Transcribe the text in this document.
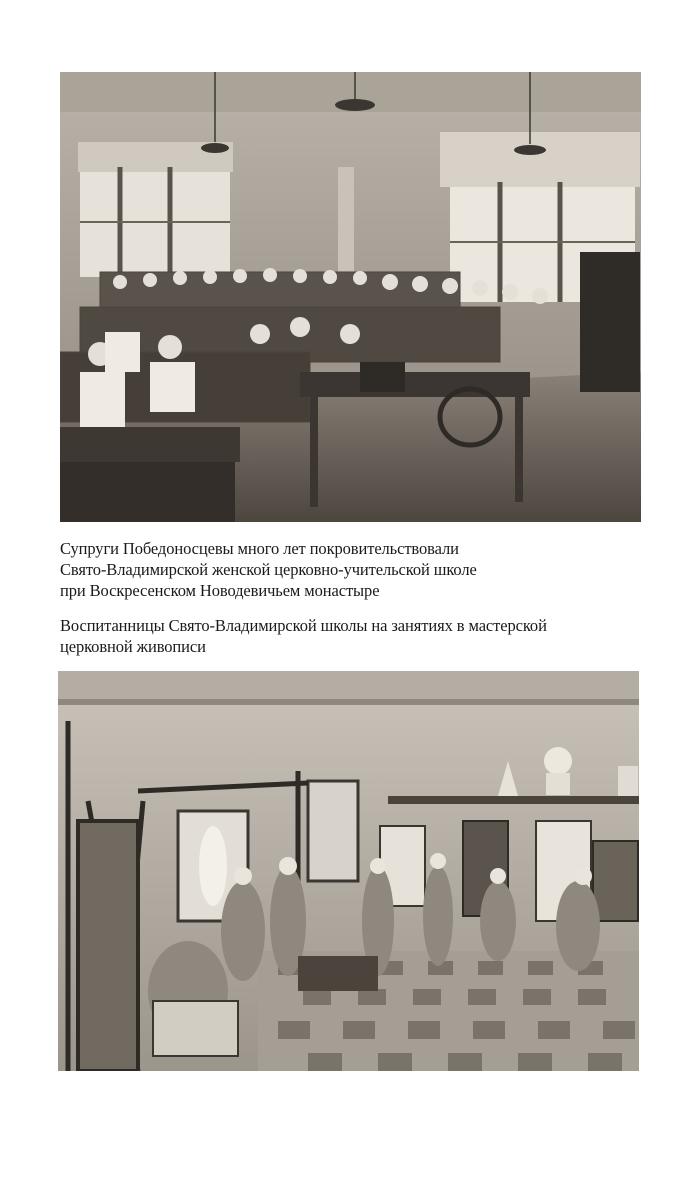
Супруги Победоносцевы много лет покровительствовали
Свято-Владимирской женской церковно-учительской школе
при Воскресенском Новодевичьем монастыре
Воспитанницы Свято-Владимирской школы на занятиях в мастерской
церковной живописи
